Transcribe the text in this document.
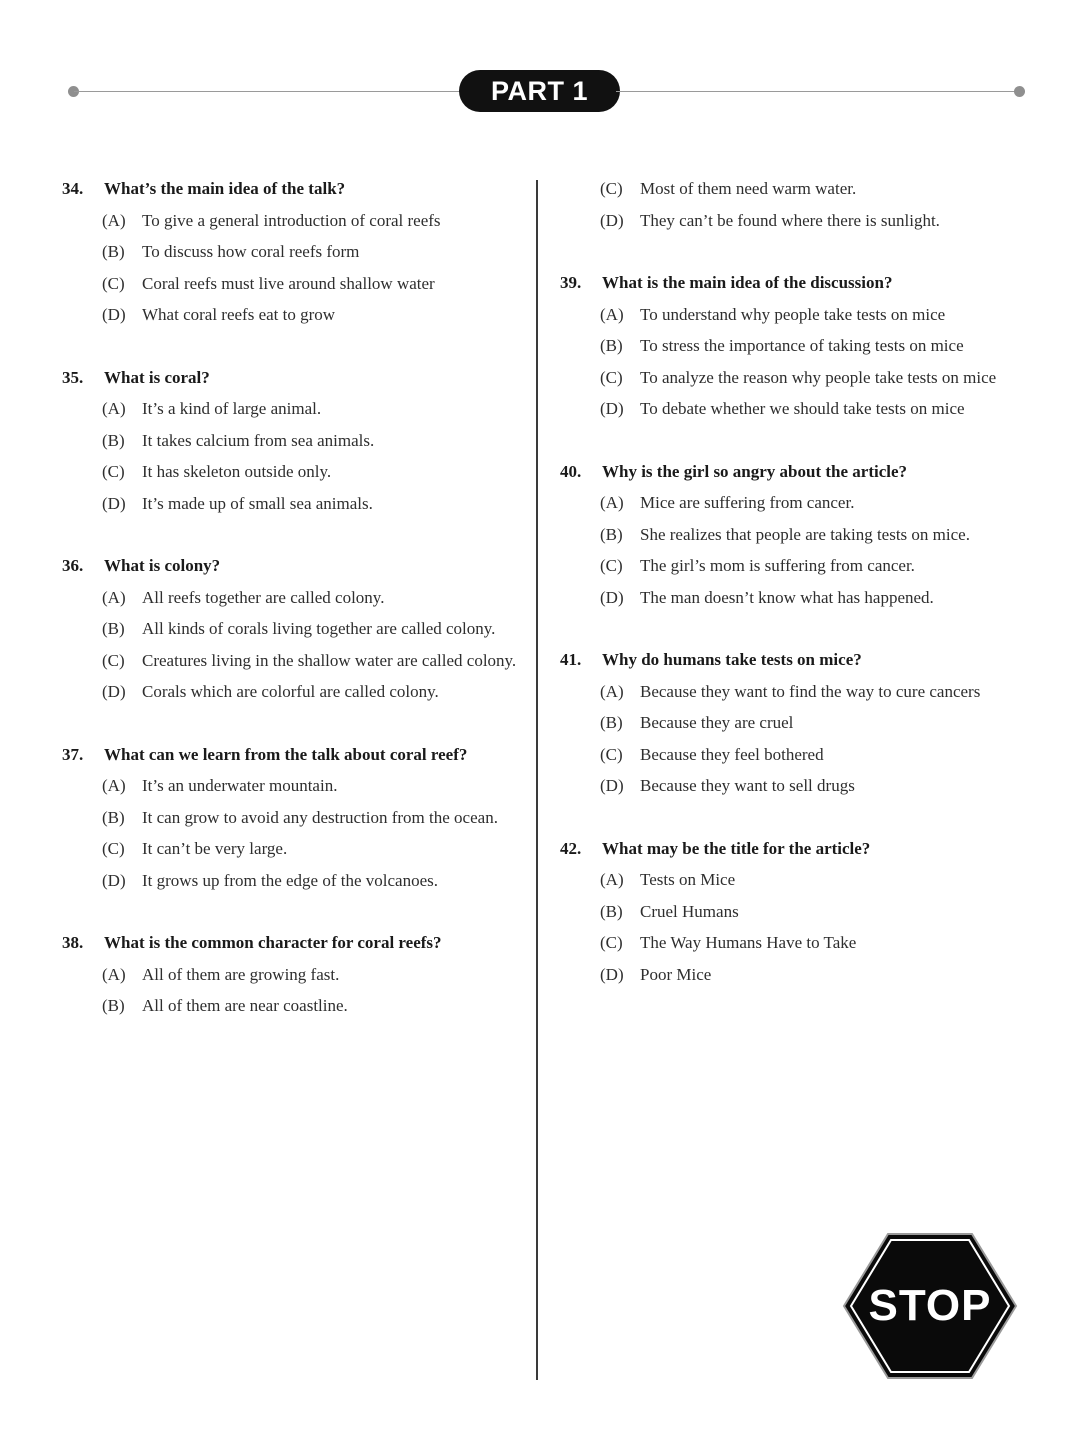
PART 1
34.	What’s the main idea of the talk?
(A) To give a general introduction of coral reefs
(B)	To discuss how coral reefs form
(C)	Coral reefs must live around shallow water
(D) What coral reefs eat to grow
35.	What is coral?
(A) It’s a kind of large animal.
(B)	It takes calcium from sea animals.
(C)	It has skeleton outside only.
(D) It’s made up of small sea animals.
36.	What is colony?
(A) All reefs together are called colony.
(B)	All kinds of corals living together are called colony.
(C)	Creatures living in the shallow water are called colony.
(D) Corals which are colorful are called colony.
37.	What can we learn from the talk about coral reef?
(A) It’s an underwater mountain.
(B)	It can grow to avoid any destruction from the ocean.
(C)	It can’t be very large.
(D) It grows up from the edge of the volcanoes.
38.	What is the common character for coral reefs?
(A) All of them are growing fast.
(B)	All of them are near coastline.
(C)	Most of them need warm water.
(D) They can’t be found where there is sunlight.
39.	What is the main idea of the discussion?
(A) To understand why people take tests on mice
(B)	To stress the importance of taking tests on mice
(C)	To analyze the reason why people take tests on mice
(D) To debate whether we should take tests on mice
40.	Why is the girl so angry about the article?
(A) Mice are suffering from cancer.
(B)	She realizes that people are taking tests on mice.
(C)	The girl’s mom is suffering from cancer.
(D) The man doesn’t know what has happened.
41.	Why do humans take tests on mice?
(A) Because they want to find the way to cure cancers
(B)	Because they are cruel
(C)	Because they feel bothered
(D) Because they want to sell drugs
42.	What may be the title for the article?
(A) Tests on Mice
(B)	Cruel Humans
(C)	The Way Humans Have to Take
(D) Poor Mice
STOP
